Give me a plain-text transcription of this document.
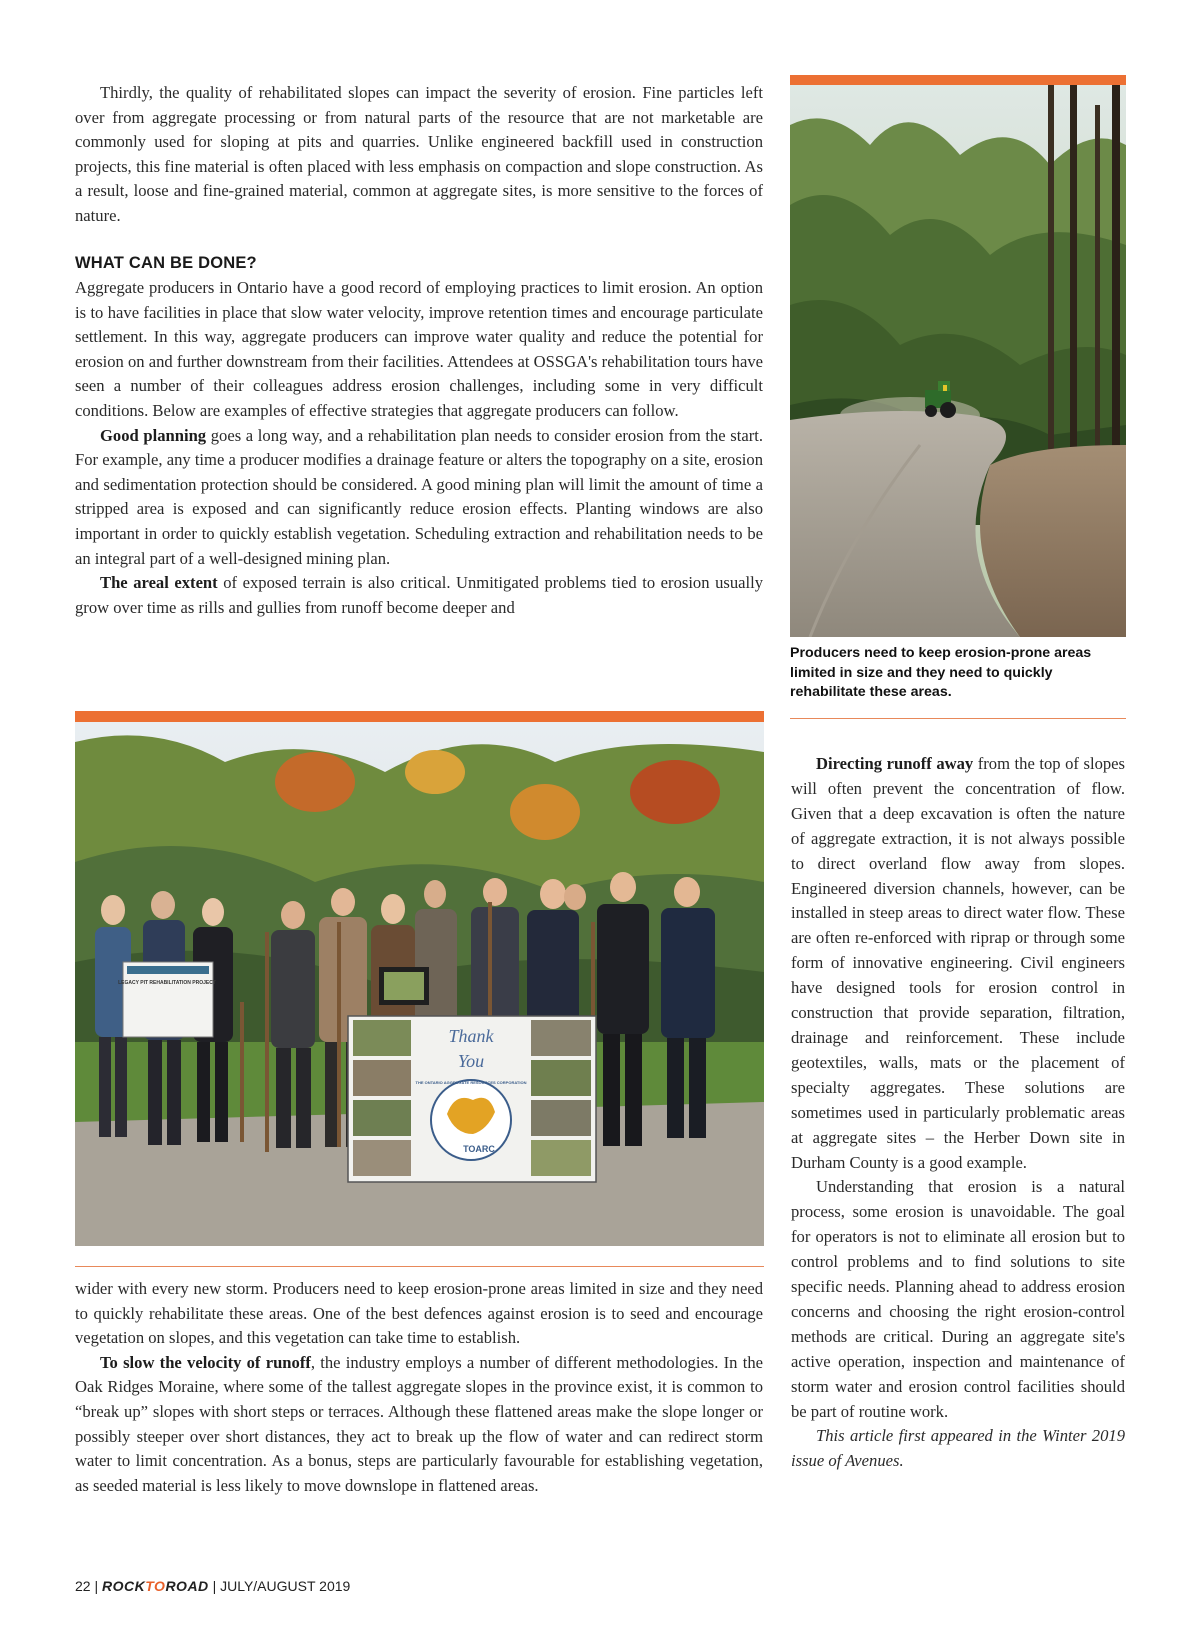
Thirdly, the quality of rehabilitated slopes can impact the severity of erosion. Fine particles left over from aggregate processing or from natural parts of the resource that are not marketable are commonly used for sloping at pits and quarries. Unlike engineered backfill used in construction projects, this fine material is often placed with less emphasis on compaction and slope construction. As a result, loose and fine-grained material, common at aggregate sites, is more sensitive to the forces of nature.

WHAT CAN BE DONE?

Aggregate producers in Ontario have a good record of employing practices to limit erosion. An option is to have facilities in place that slow water velocity, improve retention times and encourage particulate settlement. In this way, aggregate producers can improve water quality and reduce the potential for erosion on and further downstream from their facilities. Attendees at OSSGA's rehabilitation tours have seen a number of their colleagues address erosion challenges, including some in very difficult conditions. Below are examples of effective strategies that aggregate producers can follow.

Good planning goes a long way, and a rehabilitation plan needs to consider erosion from the start. For example, any time a producer modifies a drainage feature or alters the topography on a site, erosion and sedimentation protection should be considered. A good mining plan will limit the amount of time a stripped area is exposed and can significantly reduce erosion effects. Planting windows are also important in order to quickly establish vegetation. Scheduling extraction and rehabilitation needs to be an integral part of a well-designed mining plan.

The areal extent of exposed terrain is also critical. Unmitigated problems tied to erosion usually grow over time as rills and gullies from runoff become deeper and

Producers need to keep erosion-prone areas limited in size and they need to quickly rehabilitate these areas.
LEGACY PIT REHABILITATION PROJECT
Thank
You
THE ONTARIO AGGREGATE RESOURCES CORPORATION
TOARC

wider with every new storm. Producers need to keep erosion-prone areas limited in size and they need to quickly rehabilitate these areas. One of the best defences against erosion is to seed and encourage vegetation on slopes, and this vegetation can take time to establish.

To slow the velocity of runoff, the industry employs a number of different methodologies. In the Oak Ridges Moraine, where some of the tallest aggregate slopes in the province exist, it is common to “break up” slopes with short steps or terraces. Although these flattened areas make the slope longer or possibly steeper over short distances, they act to break up the flow of water and can redirect storm water to limit concentration. As a bonus, steps are particularly favourable for establishing vegetation, as seeded material is less likely to move downslope in flattened areas.

Directing runoff away from the top of slopes will often prevent the concentration of flow. Given that a deep excavation is often the nature of aggregate extraction, it is not always possible to direct overland flow away from slopes. Engineered diversion channels, however, can be installed in steep areas to direct water flow. These are often re-enforced with riprap or through some form of innovative engineering. Civil engineers have designed tools for erosion control in construction that provide separation, filtration, drainage and reinforcement. These include geotextiles, walls, mats or the placement of specialty aggregates. These solutions are sometimes used in particularly problematic areas at aggregate sites – the Herber Down site in Durham County is a good example.

Understanding that erosion is a natural process, some erosion is unavoidable. The goal for operators is not to eliminate all erosion but to control problems and to find solutions to site specific needs. Planning ahead to address erosion concerns and choosing the right erosion-control methods are critical. During an aggregate site's active operation, inspection and maintenance of storm water and erosion control facilities should be part of routine work.

This article first appeared in the Winter 2019 issue of Avenues.

22 | ROCKTOROAD | JULY/AUGUST 2019
